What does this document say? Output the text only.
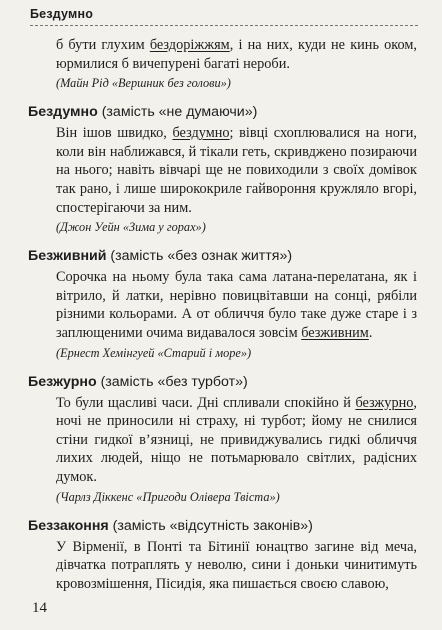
Бездумно

б бути глухим бездоріжжям, і на них, куди не кинь оком, юрмилися б вичепурені багаті нероби.

(Майн Рід «Вершник без голови»)

Бездумно (замість «не думаючи»)

Він ішов швидко, бездумно; вівці схоплювалися на ноги, коли він наближався, й тікали геть, скривджено позираючи на нього; навіть вівчарі ще не повиходили з своїх домівок так рано, і лише ширококриле гайвороння кружляло вгорі, спостерігаючи за ним.

(Джон Уейн «Зима у горах»)

Безживний (замість «без ознак життя»)

Сорочка на ньому була така сама латана-перелатана, як і вітрило, й латки, нерівно повицвітавши на сонці, рябіли різними кольорами. А от обличчя було таке дуже старе і з заплющеними очима видавалося зовсім безживним.

(Ернест Хемінгуей «Старий і море»)

Безжурно (замість «без турбот»)

То були щасливі часи. Дні спливали спокійно й безжурно, ночі не приносили ні страху, ні турбот; йому не снилися стіни гидкої в’язниці, не привиджувались гидкі обличчя лихих людей, ніщо не потьмарювало світлих, радісних думок.

(Чарлз Діккенс «Пригоди Олівера Твіста»)

Беззаконня (замість «відсутність законів»)

У Вірменії, в Понті та Бітинії юнацтво загине від меча, дівчатка потраплять у неволю, сини і доньки чинитимуть кровозмішення, Пісидія, яка пишається своєю славою,

14
